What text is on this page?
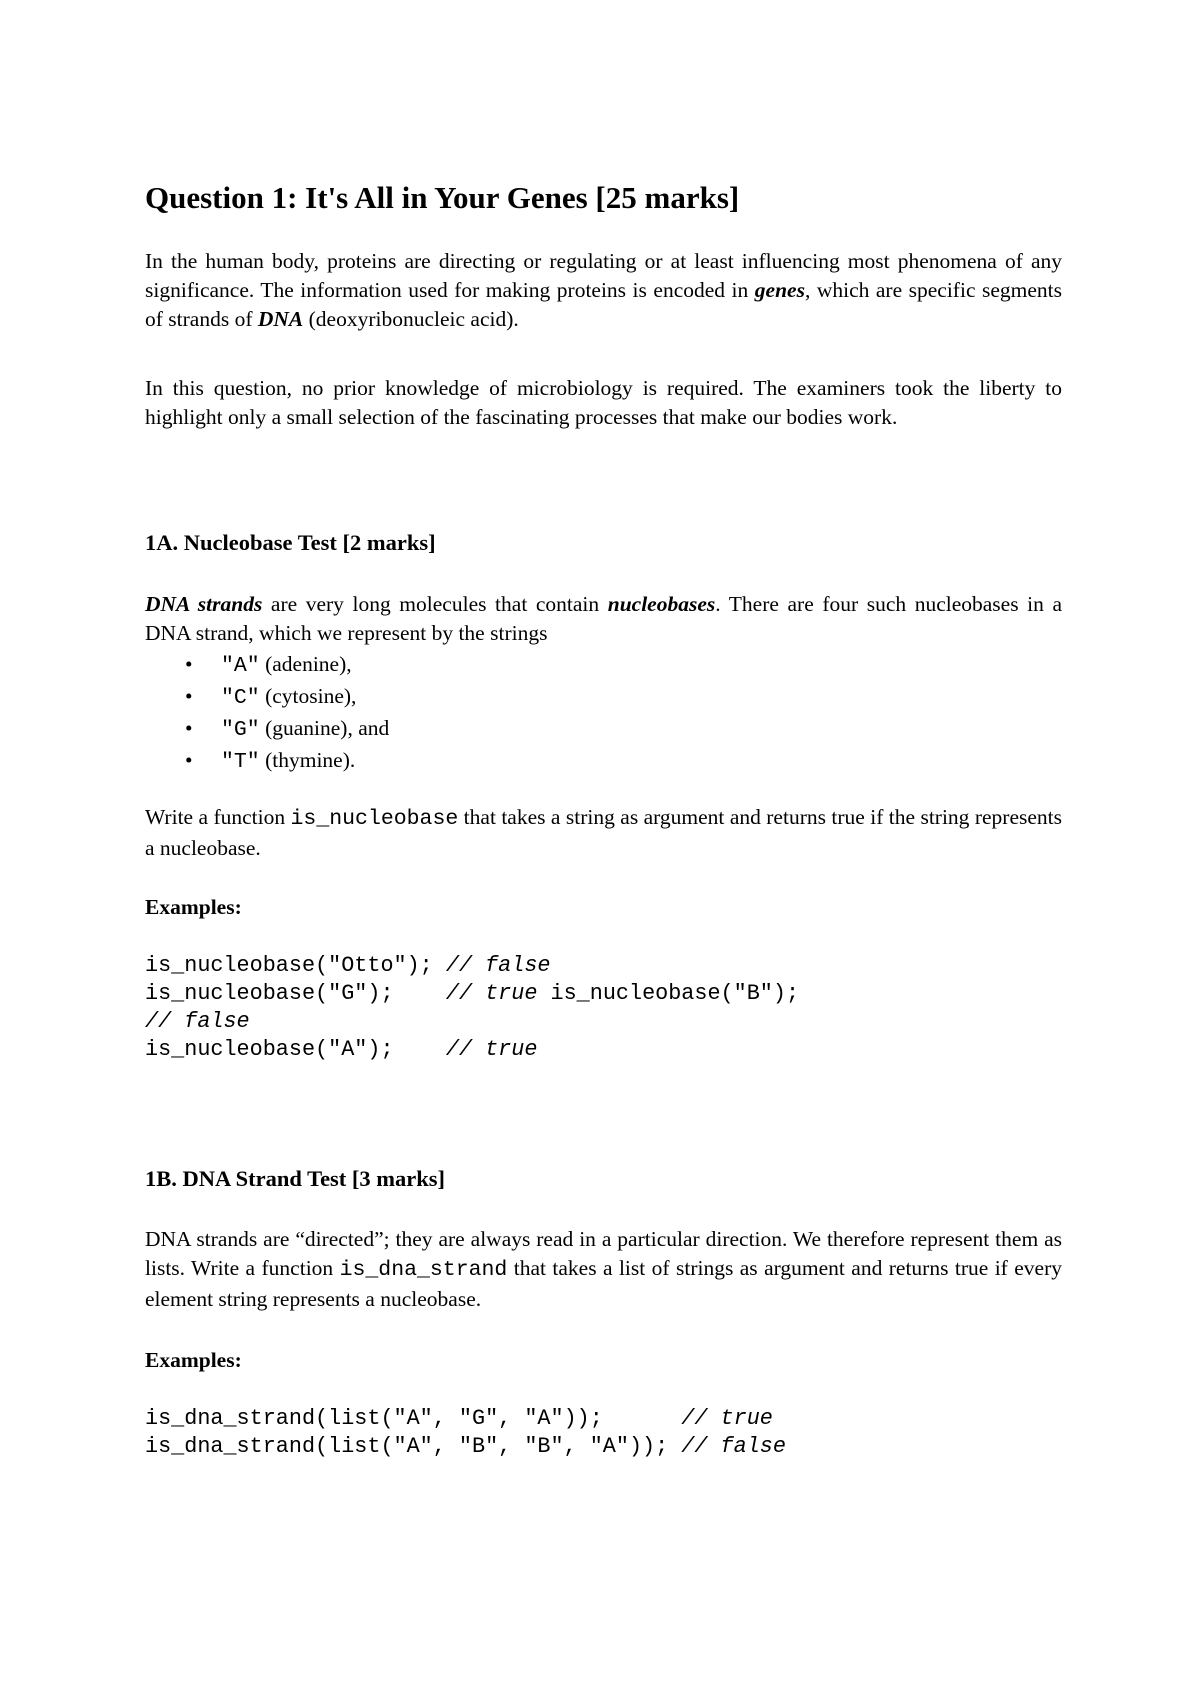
Question 1: It's All in Your Genes [25 marks]

In the human body, proteins are directing or regulating or at least influencing most phenomena of any significance. The information used for making proteins is encoded in genes, which are specific segments of strands of DNA (deoxyribonucleic acid).

In this question, no prior knowledge of microbiology is required. The examiners took the liberty to highlight only a small selection of the fascinating processes that make our bodies work.

1A. Nucleobase Test [2 marks]

DNA strands are very long molecules that contain nucleobases. There are four such nucleobases in a DNA strand, which we represent by the strings

• "A" (adenine),
• "C" (cytosine),
• "G" (guanine), and
• "T" (thymine).

Write a function is_nucleobase that takes a string as argument and returns true if the string represents a nucleobase.

Examples:
is_nucleobase("Otto"); // false
is_nucleobase("G");    // true is_nucleobase("B");
// false
is_nucleobase("A");    // true
1B. DNA Strand Test [3 marks]

DNA strands are “directed”; they are always read in a particular direction. We therefore represent them as lists. Write a function is_dna_strand that takes a list of strings as argument and returns true if every element string represents a nucleobase.

Examples:
is_dna_strand(list("A", "G", "A"));      // true
is_dna_strand(list("A", "B", "B", "A")); // false
